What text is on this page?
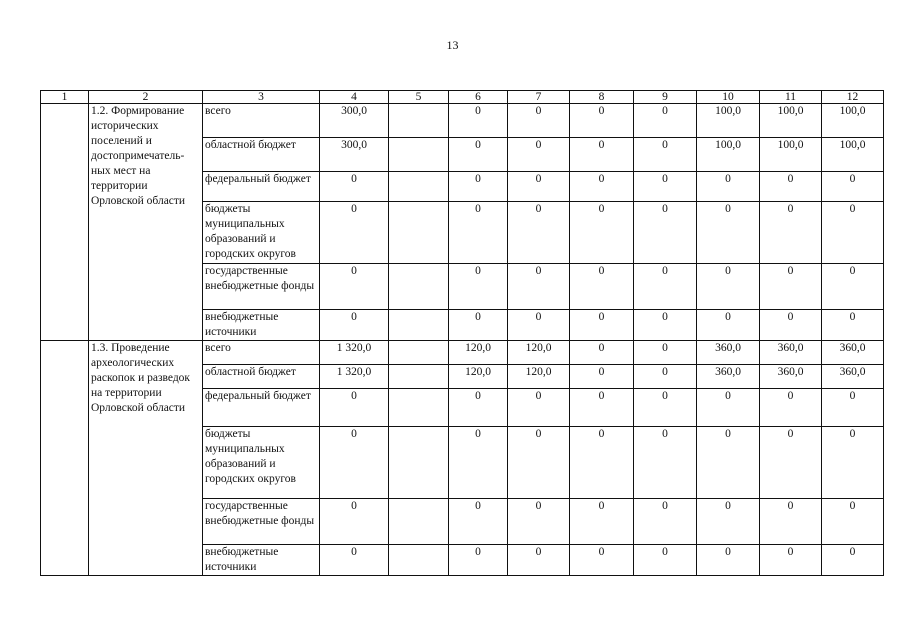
13
1	2	3	4	5	6	7	8	9	10	11	12
	1.2. Формирование исторических поселений и достопримечатель-ных мест на территории Орловской области	всего	300,0		0	0	0	0	100,0	100,0	100,0
		областной бюджет	300,0		0	0	0	0	100,0	100,0	100,0
		федеральный бюджет	0		0	0	0	0	0	0	0
		бюджеты муниципальных образований и городских округов	0		0	0	0	0	0	0	0
		государственные внебюджетные фонды	0		0	0	0	0	0	0	0
		внебюджетные источники	0		0	0	0	0	0	0	0
	1.3. Проведение археологических раскопок и разведок на территории Орловской области	всего	1 320,0		120,0	120,0	0	0	360,0	360,0	360,0
		областной бюджет	1 320,0		120,0	120,0	0	0	360,0	360,0	360,0
		федеральный бюджет	0		0	0	0	0	0	0	0
		бюджеты муниципальных образований и городских округов	0		0	0	0	0	0	0	0
		государственные внебюджетные фонды	0		0	0	0	0	0	0	0
		внебюджетные источники	0		0	0	0	0	0	0	0
